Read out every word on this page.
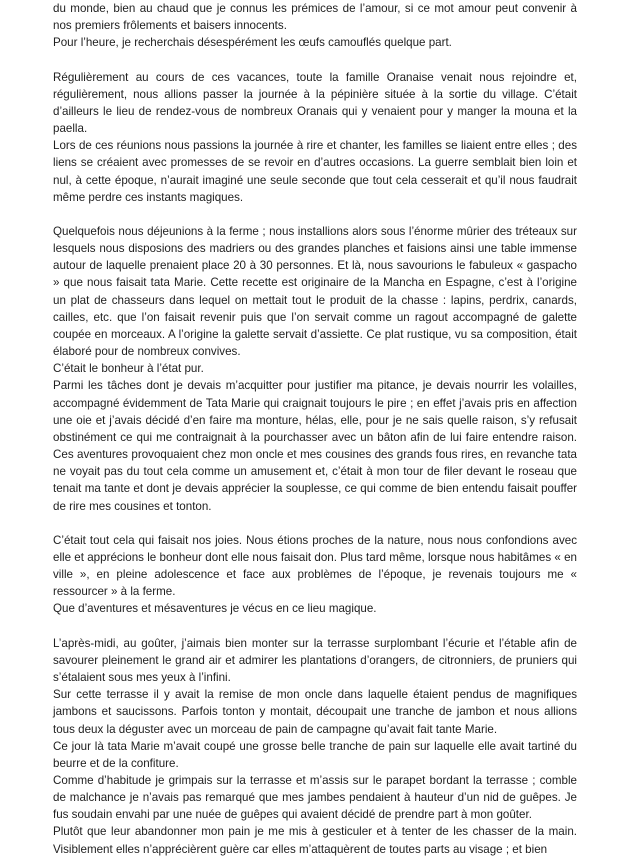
du monde, bien au chaud que je connus les prémices de l’amour, si ce mot amour peut convenir à nos premiers frôlements et baisers innocents.

Pour l’heure, je recherchais désespérément les œufs camouflés quelque part.

Régulièrement au cours de ces vacances, toute la famille Oranaise venait nous rejoindre et, régulièrement, nous allions passer la journée à la pépinière située à la sortie du village. C’était d’ailleurs le lieu de rendez-vous de nombreux Oranais qui y venaient pour y manger la mouna et la paella.

Lors de ces réunions nous passions la journée à rire et chanter, les familles se liaient entre elles ; des liens se créaient avec promesses de se revoir en d’autres occasions. La guerre semblait bien loin et nul, à cette époque, n’aurait imaginé une seule seconde que tout cela cesserait et qu’il nous faudrait même perdre ces instants magiques.

Quelquefois nous déjeunions à la ferme ; nous installions alors sous l’énorme mûrier des tréteaux sur lesquels nous disposions des madriers ou des grandes planches et faisions ainsi une table immense autour de laquelle prenaient place 20 à 30 personnes. Et là, nous savourions le fabuleux « gaspacho » que nous faisait tata Marie. Cette recette est originaire de la Mancha en Espagne, c’est à l’origine un plat de chasseurs dans lequel on mettait tout le produit de la chasse : lapins, perdrix, canards, cailles, etc. que l’on faisait revenir puis que l’on servait comme un ragout accompagné de galette coupée en morceaux. A l’origine la galette servait d’assiette. Ce plat rustique, vu sa composition, était élaboré pour de nombreux convives.

C’était le bonheur à l’état pur.

Parmi les tâches dont je devais m’acquitter pour justifier ma pitance, je devais nourrir les volailles, accompagné évidemment de Tata Marie qui craignait toujours le pire ; en effet j’avais pris en affection une oie et j’avais décidé d’en faire ma monture, hélas, elle, pour je ne sais quelle raison, s’y refusait obstinément ce qui me contraignait à la pourchasser avec un bâton afin de lui faire entendre raison. Ces aventures provoquaient chez mon oncle et mes cousines des grands fous rires, en revanche tata ne voyait pas du tout cela comme un amusement et, c’était à mon tour de filer devant le roseau que tenait ma tante et dont je devais apprécier la souplesse, ce qui comme de bien entendu faisait pouffer de rire mes cousines et tonton.

C’était tout cela qui faisait nos joies. Nous étions proches de la nature, nous nous confondions avec elle et apprécions le bonheur dont elle nous faisait don. Plus tard même, lorsque nous habitâmes « en ville », en pleine adolescence et face aux problèmes de l’époque, je revenais toujours me « ressourcer » à la ferme.

Que d’aventures et mésaventures je vécus en ce lieu magique.

L’après-midi, au goûter, j’aimais bien monter sur la terrasse surplombant l’écurie et l’étable afin de savourer pleinement le grand air et admirer les plantations d’orangers, de citronniers, de pruniers qui s’étalaient sous mes yeux à l’infini.

Sur cette terrasse il y avait la remise de mon oncle dans laquelle étaient pendus de magnifiques jambons et saucissons. Parfois tonton y montait, découpait une tranche de jambon et nous allions tous deux la déguster avec un morceau de pain de campagne qu’avait fait tante Marie.

Ce jour là tata Marie m’avait coupé une grosse belle tranche de pain sur laquelle elle avait tartiné du beurre et de la confiture.

Comme d’habitude je grimpais sur la terrasse et m’assis sur le parapet bordant la terrasse ; comble de malchance je n’avais pas remarqué que mes jambes pendaient à hauteur d’un nid de guêpes. Je fus soudain envahi par une nuée de guêpes qui avaient décidé de prendre part à mon goûter.

Plutôt que leur abandonner mon pain je me mis à gesticuler et à tenter de les chasser de la main. Visiblement elles n’apprécièrent guère car elles m’attaquèrent de toutes parts au visage ; et bien
